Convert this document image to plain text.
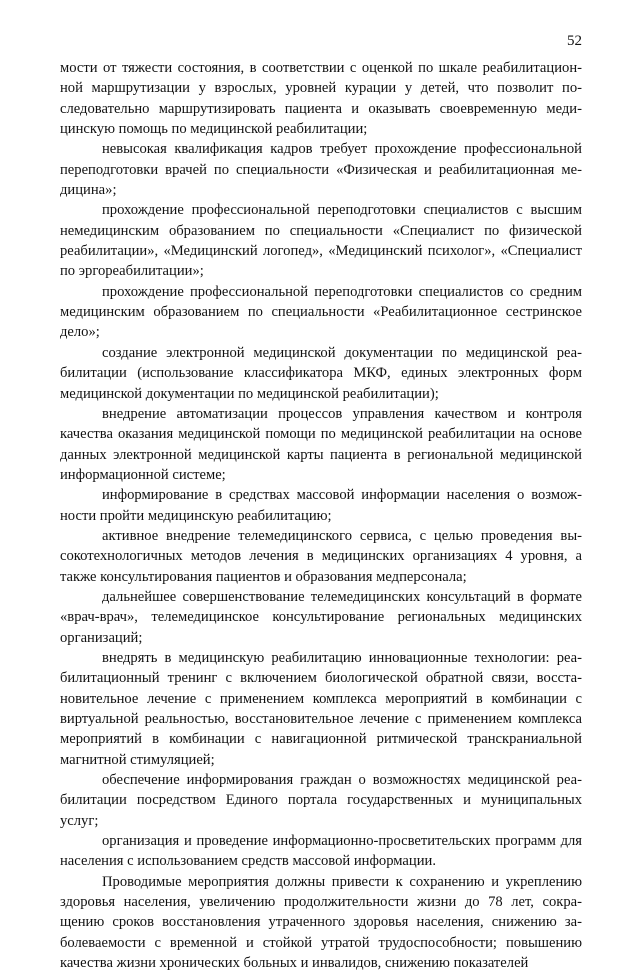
52

мости от тяжести состояния, в соответствии с оценкой по шкале реабилитационной маршрутизации у взрослых, уровней курации у детей, что позволит последовательно маршрутизировать пациента и оказывать своевременную медицинскую помощь по медицинской реабилитации;

невысокая квалификация кадров требует прохождение профессиональной переподготовки врачей по специальности «Физическая и реабилитационная медицина»;

прохождение профессиональной переподготовки специалистов с высшим немедицинским образованием по специальности «Специалист по физической реабилитации», «Медицинский логопед», «Медицинский психолог», «Специалист по эргореабилитации»;

прохождение профессиональной переподготовки специалистов со средним медицинским образованием по специальности «Реабилитационное сестринское дело»;

создание электронной медицинской документации по медицинской реабилитации (использование классификатора МКФ, единых электронных форм медицинской документации по медицинской реабилитации);

внедрение автоматизации процессов управления качеством и контроля качества оказания медицинской помощи по медицинской реабилитации на основе данных электронной медицинской карты пациента в региональной медицинской информационной системе;

информирование в средствах массовой информации населения о возможности пройти медицинскую реабилитацию;

активное внедрение телемедицинского сервиса, с целью проведения высокотехнологичных методов лечения в медицинских организациях 4 уровня, а также консультирования пациентов и образования медперсонала;

дальнейшее совершенствование телемедицинских консультаций в формате «врач-врач», телемедицинское консультирование региональных медицинских организаций;

внедрять в медицинскую реабилитацию инновационные технологии: реабилитационный тренинг с включением биологической обратной связи, восстановительное лечение с применением комплекса мероприятий в комбинации с виртуальной реальностью, восстановительное лечение с применением комплекса мероприятий в комбинации с навигационной ритмической транскраниальной магнитной стимуляцией;

обеспечение информирования граждан о возможностях медицинской реабилитации посредством Единого портала государственных и муниципальных услуг;

организация и проведение информационно-просветительских программ для населения с использованием средств массовой информации.

Проводимые мероприятия должны привести к сохранению и укреплению здоровья населения, увеличению продолжительности жизни до 78 лет, сокращению сроков восстановления утраченного здоровья населения, снижению заболеваемости с временной и стойкой утратой трудоспособности; повышению качества жизни хронических больных и инвалидов, снижению показателей
